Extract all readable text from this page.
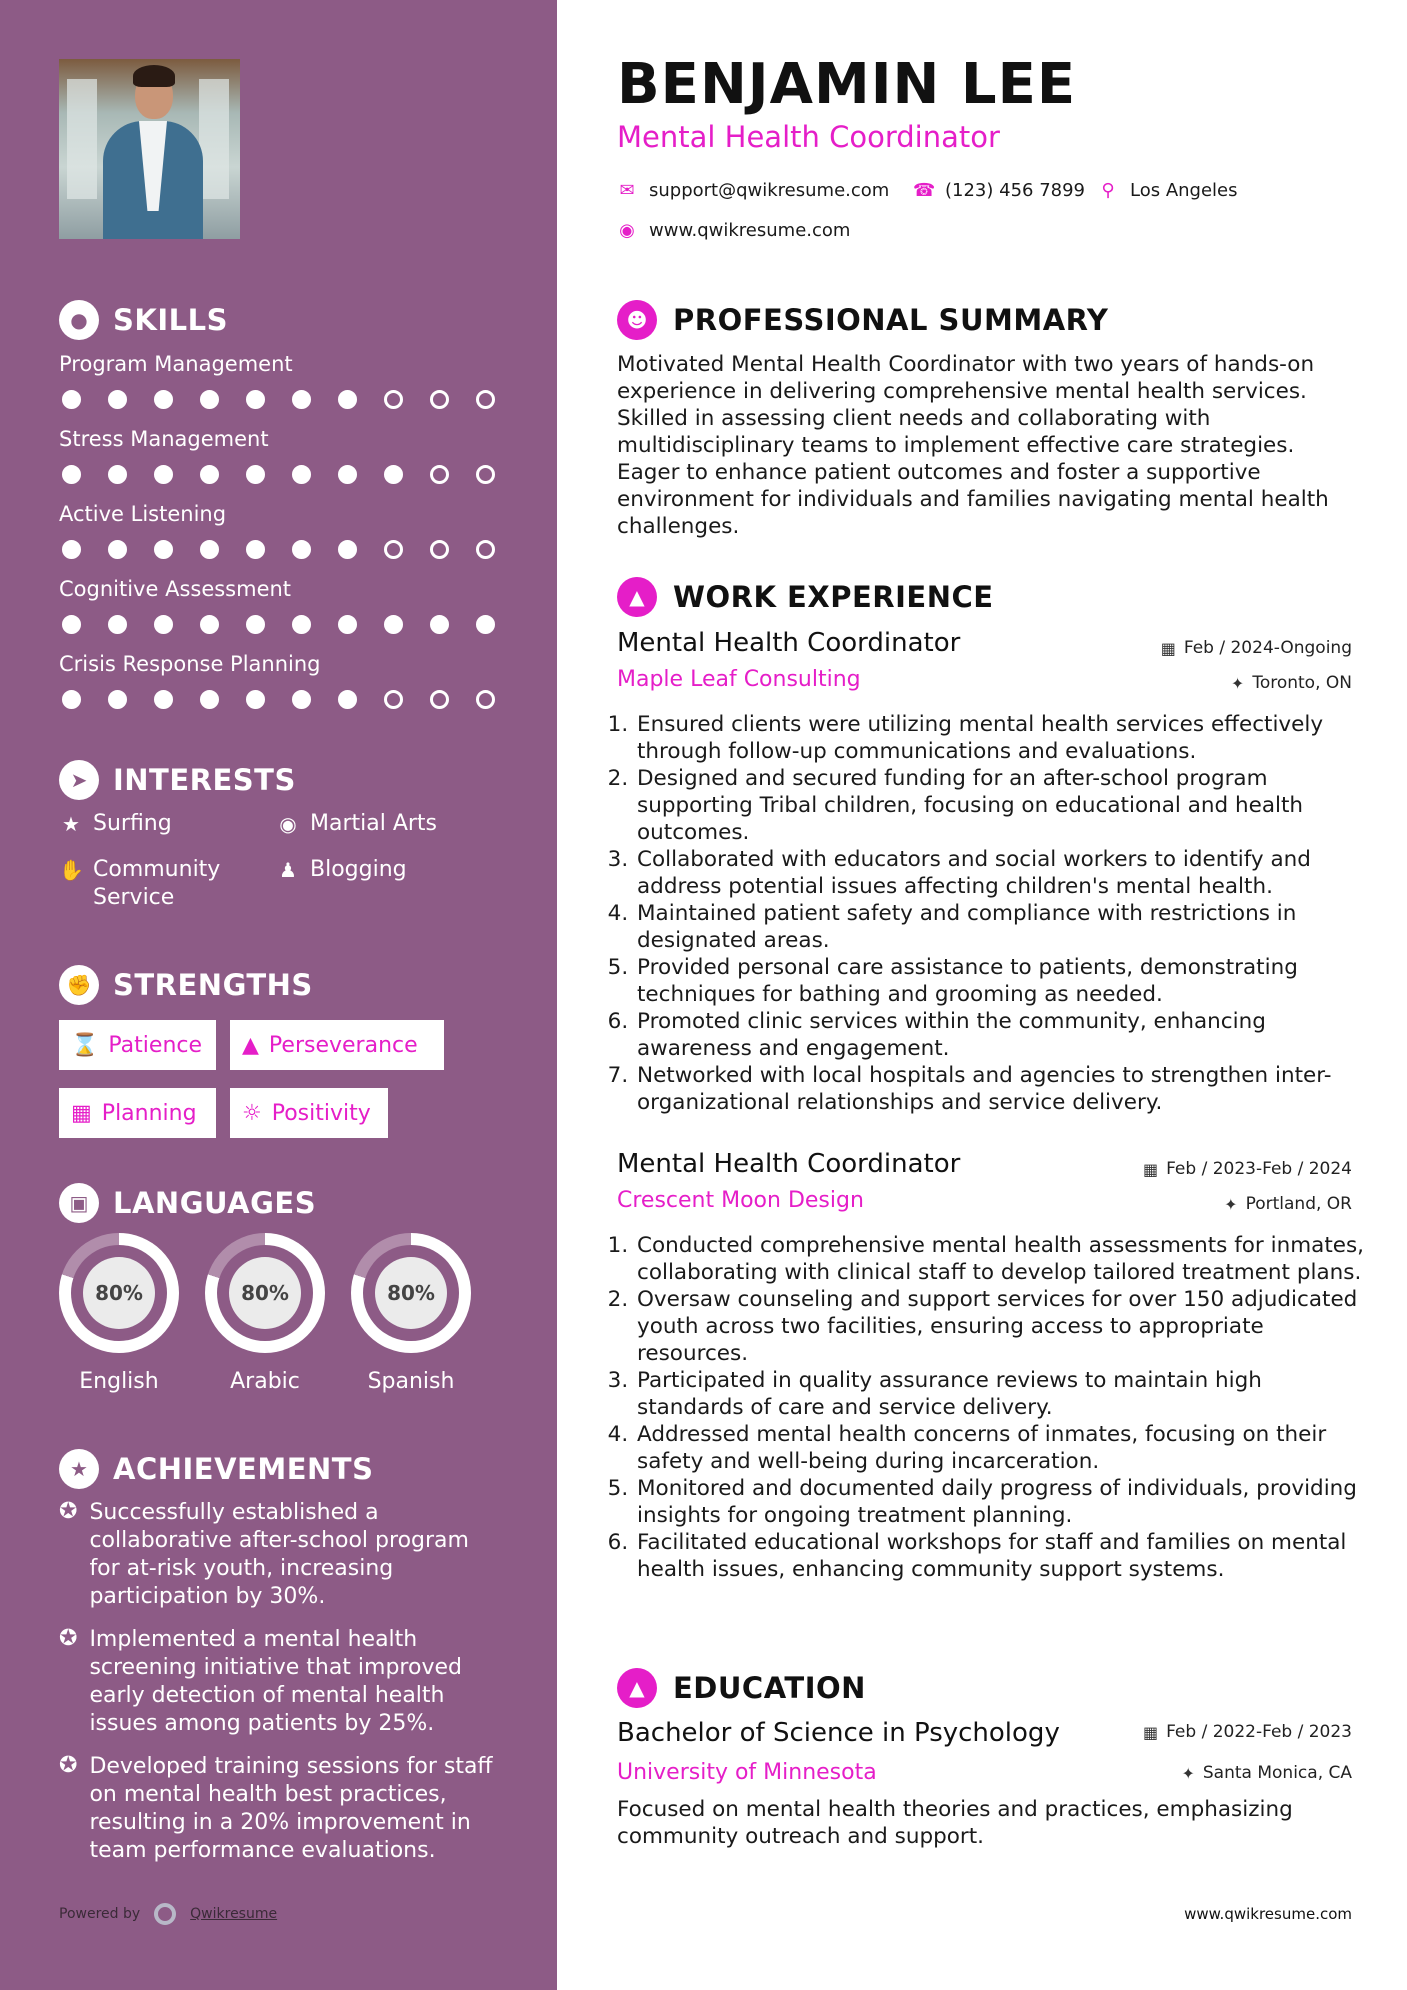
● SKILLS
Program Management
Stress Management
Active Listening
Cognitive Assessment
Crisis Response Planning
➤ INTERESTS
★ Surfing	◉ Martial Arts
✋ Community Service
♟ Blogging
✊ STRENGTHS
⌛ Patience ▲ Perseverance
▦ Planning ☼ Positivity
▣ LANGUAGES
80%
English
80%
Arabic
80%
Spanish
★ ACHIEVEMENTS
✪ Successfully established a collaborative after-school program for at-risk youth, increasing participation by 30%.
✪ Implemented a mental health screening initiative that improved early detection of mental health issues among patients by 25%.
✪ Developed training sessions for staff on mental health best practices, resulting in a 20% improvement in team performance evaluations.
Powered by	Qwikresume
BENJAMIN LEE
Mental Health Coordinator
✉ support@qwikresume.com ☎ (123) 456 7899 ⚲ Los Angeles
◉ www.qwikresume.com
☻ PROFESSIONAL SUMMARY
Motivated Mental Health Coordinator with two years of hands-on experience in delivering comprehensive mental health services. Skilled in assessing client needs and collaborating with multidisciplinary teams to implement effective care strategies. Eager to enhance patient outcomes and foster a supportive environment for individuals and families navigating mental health challenges.
▲ WORK EXPERIENCE
Mental Health Coordinator	▦ Feb / 2024-Ongoing
Maple Leaf Consulting	✦ Toronto, ON
1. Ensured clients were utilizing mental health services effectively through follow-up communications and evaluations.
2. Designed and secured funding for an after-school program supporting Tribal children, focusing on educational and health outcomes.
3. Collaborated with educators and social workers to identify and address potential issues affecting children's mental health.
4. Maintained patient safety and compliance with restrictions in designated areas.
5. Provided personal care assistance to patients, demonstrating techniques for bathing and grooming as needed.
6. Promoted clinic services within the community, enhancing awareness and engagement.
7. Networked with local hospitals and agencies to strengthen inter-organizational relationships and service delivery.
Mental Health Coordinator	▦ Feb / 2023-Feb / 2024
Crescent Moon Design	✦ Portland, OR
1. Conducted comprehensive mental health assessments for inmates, collaborating with clinical staff to develop tailored treatment plans.
2. Oversaw counseling and support services for over 150 adjudicated youth across two facilities, ensuring access to appropriate resources.
3. Participated in quality assurance reviews to maintain high standards of care and service delivery.
4. Addressed mental health concerns of inmates, focusing on their safety and well-being during incarceration.
5. Monitored and documented daily progress of individuals, providing insights for ongoing treatment planning.
6. Facilitated educational workshops for staff and families on mental health issues, enhancing community support systems.
▲ EDUCATION
Bachelor of Science in Psychology	▦ Feb / 2022-Feb / 2023
University of Minnesota	✦ Santa Monica, CA
Focused on mental health theories and practices, emphasizing community outreach and support.
www.qwikresume.com
